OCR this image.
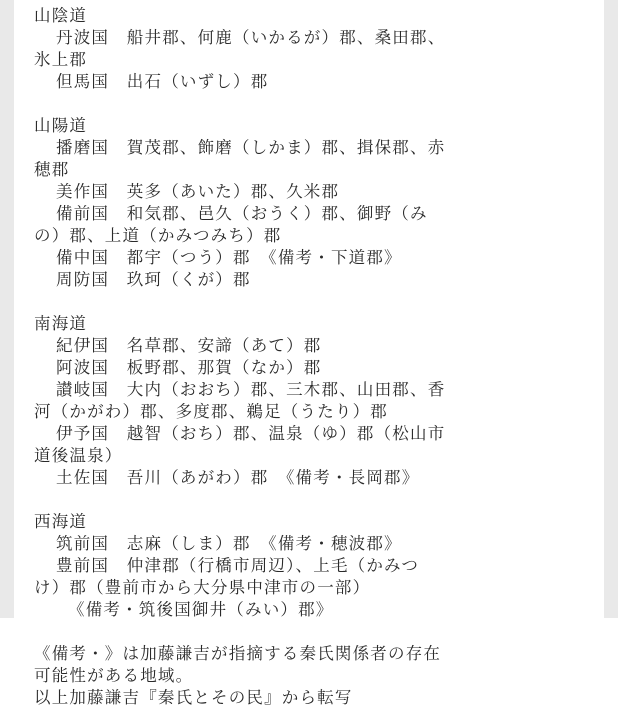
山陰道
丹波国　船井郡、何鹿（いかるが）郡、桑田郡、
氷上郡
但馬国　出石（いずし）郡
山陽道
播磨国　賀茂郡、飾磨（しかま）郡、揖保郡、赤
穂郡
美作国　英多（あいた）郡、久米郡
備前国　和気郡、邑久（おうく）郡、御野（み
の）郡、上道（かみつみち）郡
備中国　都宇（つう）郡　《備考・下道郡》
周防国　玖珂（くが）郡
南海道
紀伊国　名草郡、安諦（あて）郡
阿波国　板野郡、那賀（なか）郡
讃岐国　大内（おおち）郡、三木郡、山田郡、香
河（かがわ）郡、多度郡、鵜足（うたり）郡
伊予国　越智（おち）郡、温泉（ゆ）郡（松山市
道後温泉）
土佐国　吾川（あがわ）郡　《備考・長岡郡》
西海道
筑前国　志麻（しま）郡　《備考・穂波郡》
豊前国　仲津郡（行橋市周辺）、上毛（かみつ
け）郡（豊前市から大分県中津市の一部）
《備考・筑後国御井（みい）郡》
《備考・》は加藤謙吉が指摘する秦氏関係者の存在
可能性がある地域。
以上加藤謙吉『秦氏とその民』から転写
